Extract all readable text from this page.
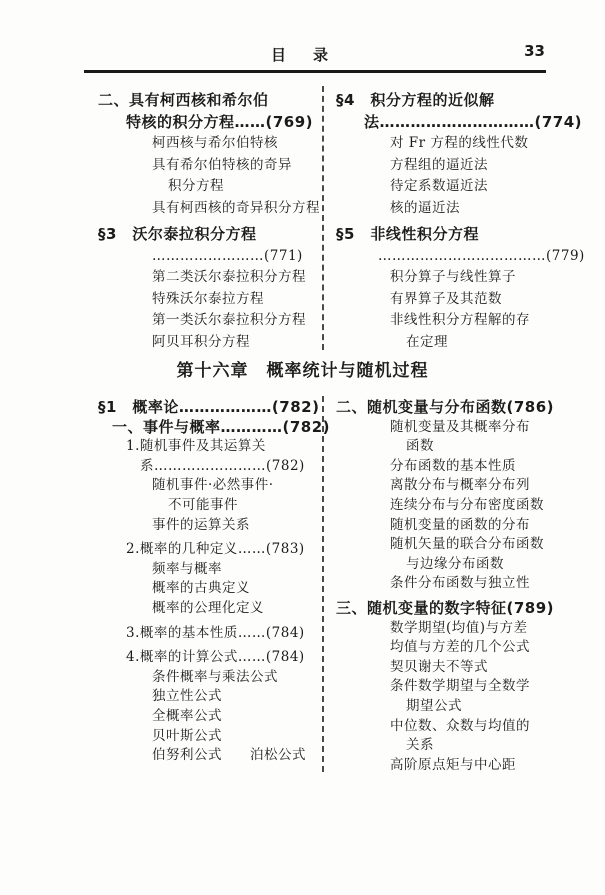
目　录	33
二、具有柯西核和希尔伯
特核的积分方程……(769)
柯西核与希尔伯特核
具有希尔伯特核的奇异
积分方程
具有柯西核的奇异积分方程
§3　沃尔泰拉积分方程
……………………(771)
第二类沃尔泰拉积分方程
特殊沃尔泰拉方程
第一类沃尔泰拉积分方程
阿贝耳积分方程
§4　积分方程的近似解
法…………………………(774)
对 Fr 方程的线性代数
方程组的逼近法
待定系数逼近法
核的逼近法
§5　非线性积分方程
………………………………(779)
积分算子与线性算子
有界算子及其范数
非线性积分方程解的存
在定理
第十六章　概率统计与随机过程
§1　概率论………………(782)
一、事件与概率…………(782)
1.随机事件及其运算关
系……………………(782)
随机事件·必然事件·
不可能事件
事件的运算关系
2.概率的几种定义……(783)
频率与概率
概率的古典定义
概率的公理化定义
3.概率的基本性质……(784)
4.概率的计算公式……(784)
条件概率与乘法公式
独立性公式
全概率公式
贝叶斯公式
伯努利公式　　泊松公式
二、随机变量与分布函数(786)
随机变量及其概率分布
函数
分布函数的基本性质
离散分布与概率分布列
连续分布与分布密度函数
随机变量的函数的分布
随机矢量的联合分布函数
与边缘分布函数
条件分布函数与独立性
三、随机变量的数字特征(789)
数学期望(均值)与方差
均值与方差的几个公式
契贝谢夫不等式
条件数学期望与全数学
期望公式
中位数、众数与均值的
关系
高阶原点矩与中心距
